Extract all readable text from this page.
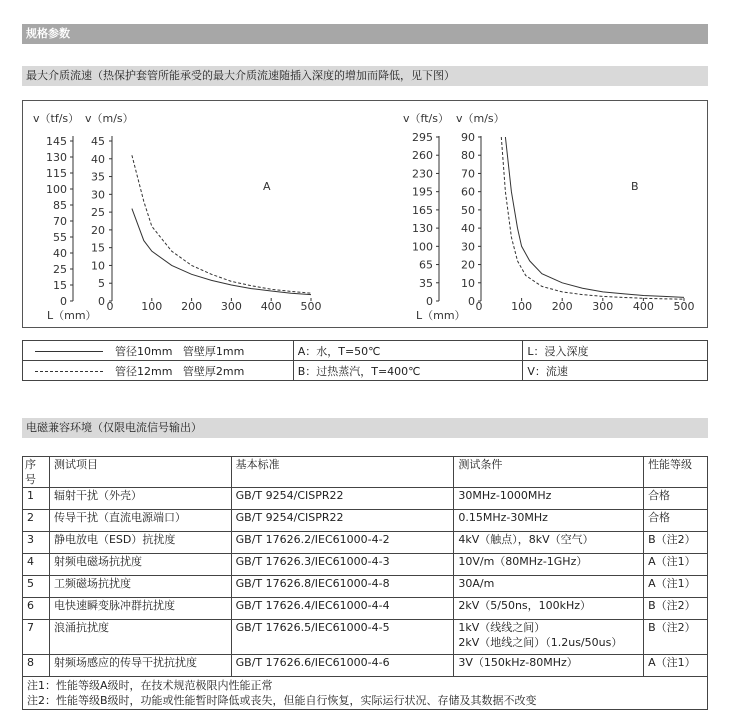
规格参数
最大介质流速（热保护套管所能承受的最大介质流速随插入深度的增加而降低，见下图）
v（tf/s） v（m/s）
0
15
25
40
55
70
85
100
115
130
145
0
5
10
15
20
25
30
35
40
45
0	100 200 300 400 500
L（mm）
A
v（ft/s） v（m/s）
0
35
65
100
130
165
195
230
260
295
0
10
20
30
40
50
60
70
80
90
0	100 200 300 400 500
L（mm）
B
管径10mm   管壁厚1mm	A：水，T=50℃	L：浸入深度
管径12mm   管壁厚2mm	B：过热蒸汽，T=400℃	V：流速
电磁兼容环境（仅限电流信号输出）
序号	测试项目	基本标准	测试条件	性能等级
1	辐射干扰（外壳）	GB/T 9254/CISPR22	30MHz-1000MHz	合格
2	传导干扰（直流电源端口）	GB/T 9254/CISPR22	0.15MHz-30MHz	合格
3	静电放电（ESD）抗扰度	GB/T 17626.2/IEC61000-4-2	4kV（触点），8kV（空气）	B（注2）
4	射频电磁场抗扰度	GB/T 17626.3/IEC61000-4-3	10V/m（80MHz-1GHz）	A（注1）
5	工频磁场抗扰度	GB/T 17626.8/IEC61000-4-8	30A/m	A（注1）
6	电快速瞬变脉冲群抗扰度	GB/T 17626.4/IEC61000-4-4	2kV（5/50ns，100kHz）	B（注2）
7	浪涌抗扰度	GB/T 17626.5/IEC61000-4-5	1kV（线线之间）
2kV（地线之间）（1.2us/50us）	B（注2）
8	射频场感应的传导干扰抗扰度	GB/T 17626.6/IEC61000-4-6	3V（150kHz-80MHz）	A（注1）

注1：性能等级A级时，在技术规范极限内性能正常
注2：性能等级B级时，功能或性能暂时降低或丧失，但能自行恢复，实际运行状况、存储及其数据不改变				
